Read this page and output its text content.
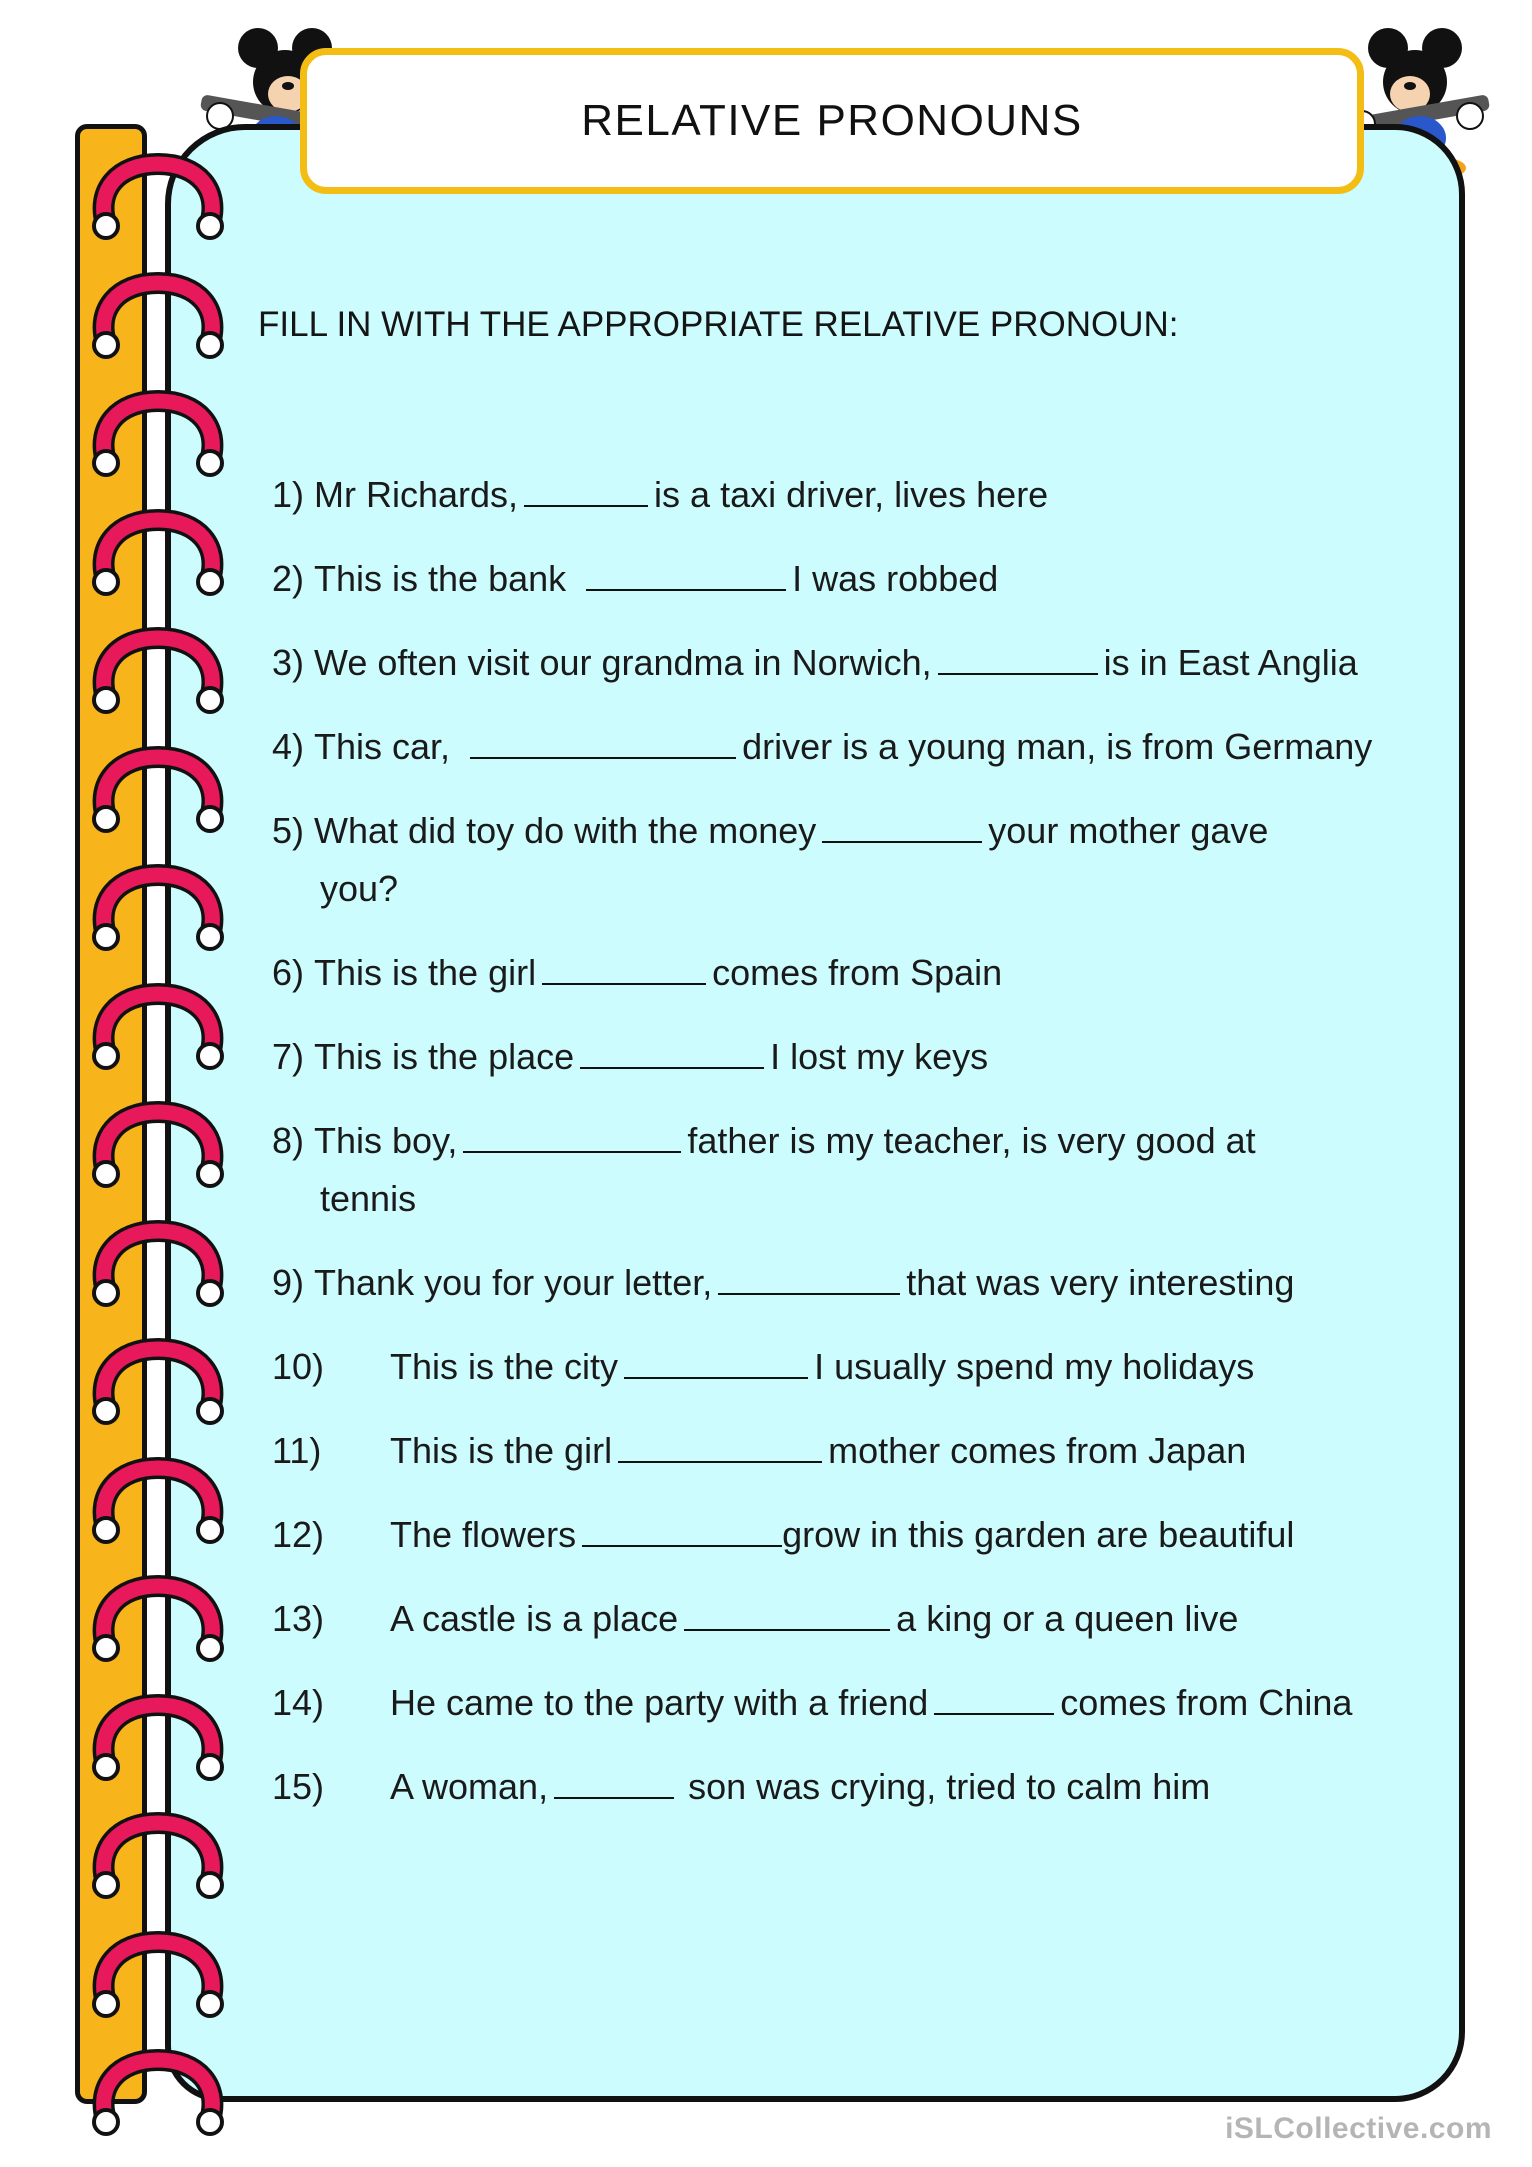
RELATIVE PRONOUNS
FILL IN WITH THE APPROPRIATE RELATIVE PRONOUN:
1) Mr Richards,	is a taxi driver, lives here
2) This is the bank	I was robbed
3) We often visit our grandma in Norwich,	is in East Anglia
4) This car,	driver is a young man, is from Germany
5) What did toy do with the money	your mother gave
you?
6) This is the girl	comes from Spain
7) This is the place	I lost my keys
8) This boy,	father is my teacher, is very good at
tennis
9) Thank you for your letter,	that was very interesting
10) This is the city	I usually spend my holidays
11) This is the girl	mother comes from Japan
12) The flowers	grow in this garden are beautiful
13) A castle is a place	a king or a queen live
14) He came to the party with a friend	comes from China
15) A woman,	son was crying, tried to calm him
iSLCollective.com
